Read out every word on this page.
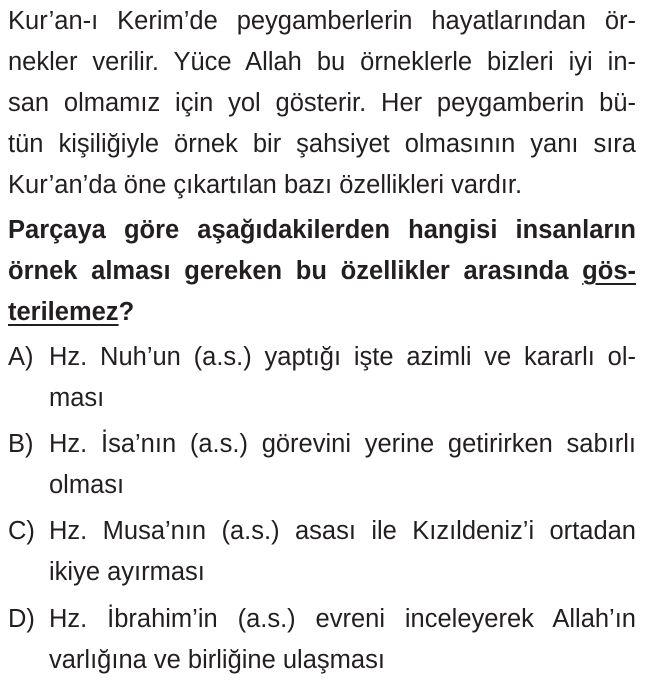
Kur’an-ı Kerim’de peygamberlerin hayatlarından ör-
nekler verilir. Yüce Allah bu örneklerle bizleri iyi in-
san olmamız için yol gösterir. Her peygamberin bü-
tün kişiliğiyle örnek bir şahsiyet olmasının yanı sıra
Kur’an’da öne çıkartılan bazı özellikleri vardır.
Parçaya göre aşağıdakilerden hangisi insanların
örnek alması gereken bu özellikler arasında gös-
terilemez?
A) Hz. Nuh’un (a.s.) yaptığı işte azimli ve kararlı ol-
ması
B) Hz. İsa’nın (a.s.) görevini yerine getirirken sabırlı
olması
C) Hz. Musa’nın (a.s.) asası ile Kızıldeniz’i ortadan
ikiye ayırması
D) Hz. İbrahim’in (a.s.) evreni inceleyerek Allah’ın
varlığına ve birliğine ulaşması
